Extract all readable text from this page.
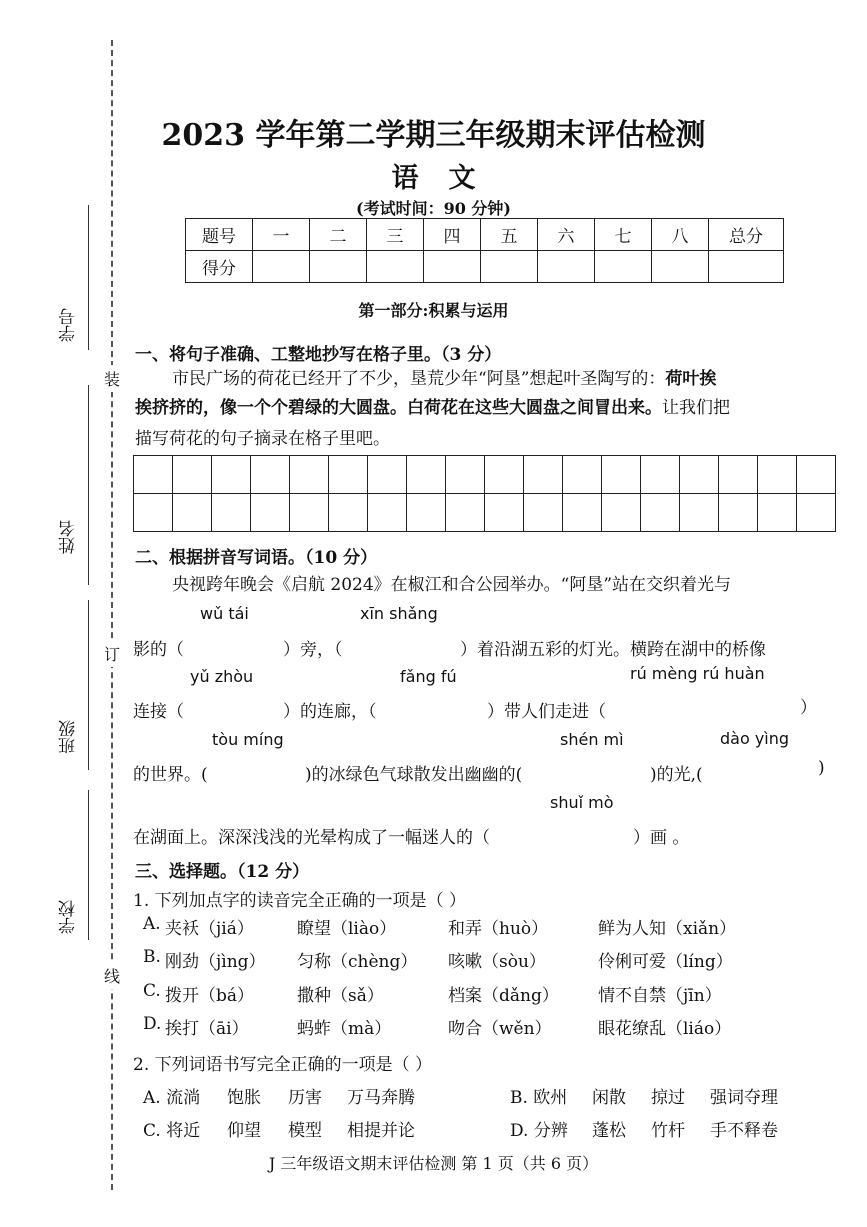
学号
姓名
班级
学校
装
订
线
2023 学年第二学期三年级期末评估检测
语文
(考试时间：90 分钟)
题号	一	二	三	四	五	六	七	八	总分
得分									
第一部分:积累与运用
一、将句子准确、工整地抄写在格子里。（3 分）
市民广场的荷花已经开了不少，垦荒少年“阿垦”想起叶圣陶写的：荷叶挨
挨挤挤的，像一个个碧绿的大圆盘。白荷花在这些大圆盘之间冒出来。让我们把
描写荷花的句子摘录在格子里吧。

二、根据拼音写词语。（10 分）
央视跨年晚会《启航 2024》在椒江和合公园举办。“阿垦”站在交织着光与
wǔ tái	xīn shǎng
影的（	）旁，（	）着沿湖五彩的灯光。横跨在湖中的桥像
yǔ zhòu	fǎng fú	rú mèng rú huàn
连接（	）的连廊，（	）带人们走进（	）
tòu míng	shén mì	dào yìng
的世界。(	)的冰绿色气球散发出幽幽的(	)的光,(	)
shuǐ mò
在湖面上。深深浅浅的光晕构成了一幅迷人的（	）画 。
三、选择题。（12 分）
1. 下列加点字的读音完全正确的一项是（ ）
A. 夹袄（jiá）	瞭望（liào）	和弄（huò）	鲜为人知（xiǎn）
B. 刚劲（jìng） 匀称（chèng） 咳嗽（sòu）	伶俐可爱（líng）
C. 拨开（bá）	撒种（sǎ）	档案（dǎng） 情不自禁（jīn）
D. 挨打（āi）	蚂蚱（mà）	吻合（wěn）	眼花缭乱（liáo）
2. 下列词语书写完全正确的一项是（ ）
A. 流淌 饱胀 历害 万马奔腾	B. 欧州 闲散 掠过 强词夺理
C. 将近 仰望 模型 相提并论	D. 分辨 蓬松 竹杆 手不释卷
J 三年级语文期末评估检测 第 1 页（共 6 页）
